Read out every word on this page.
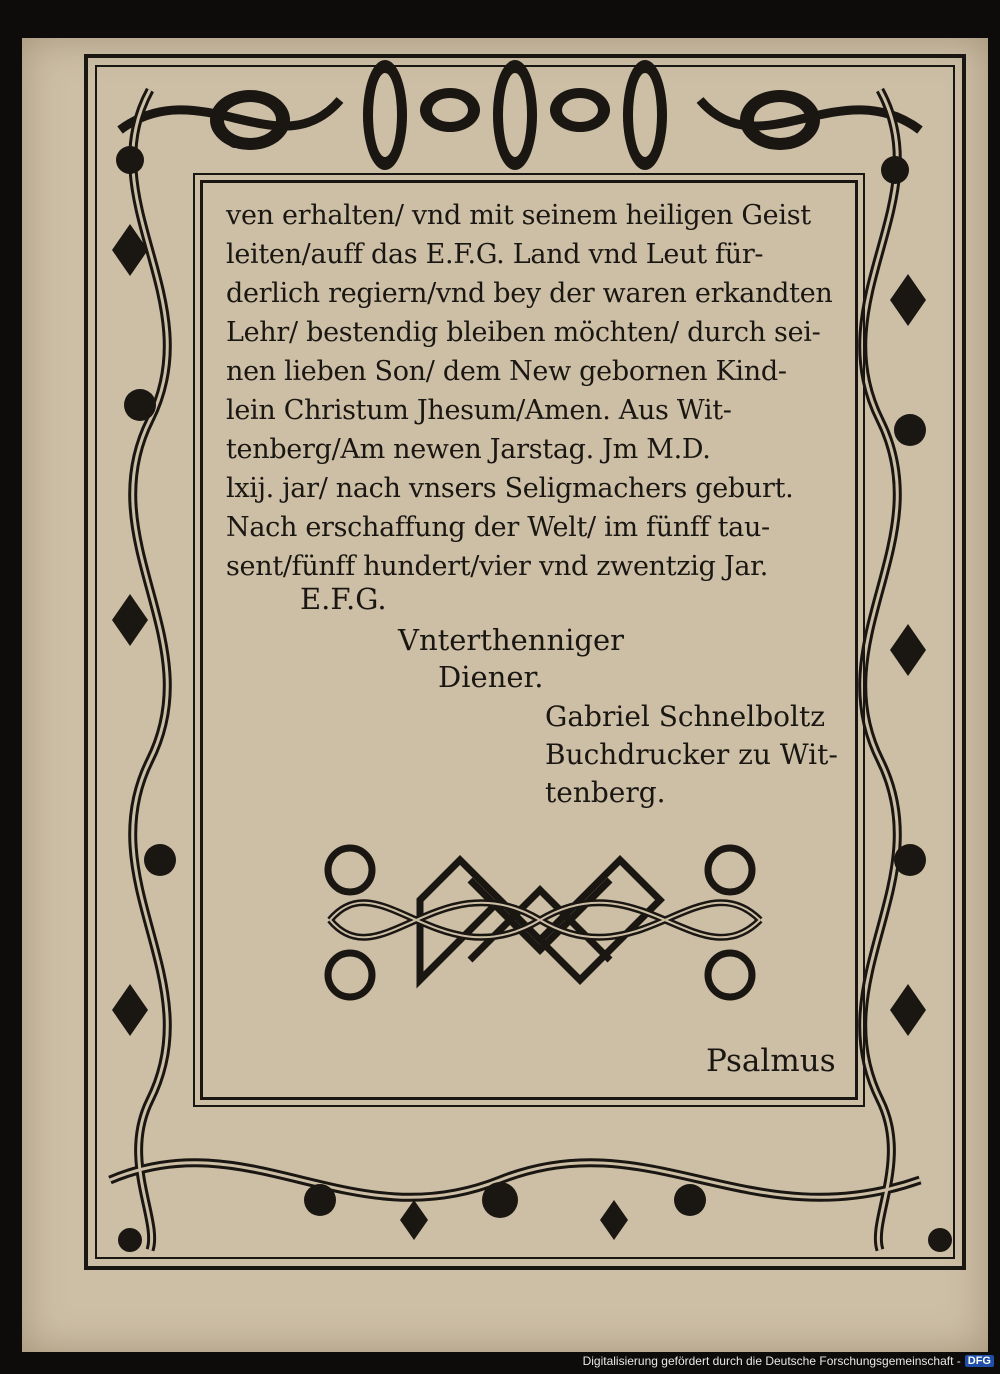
ven erhalten/ vnd mit seinem heiligen Geist
leiten/auff das E.F.G. Land vnd Leut für-
derlich regiern/vnd bey der waren erkandten
Lehr/ bestendig bleiben möchten/ durch sei-
nen lieben Son/ dem New gebornen Kind-
lein Christum Jhesum/Amen. Aus Wit-
tenberg/Am newen Jarstag. Jm M.D.
lxij. jar/ nach vnsers Seligmachers geburt.
Nach erschaffung der Welt/ im fünff tau-
sent/fünff hundert/vier vnd zwentzig Jar.
E.F.G.
Vnterthenniger
Diener.
Gabriel Schnelboltz
Buchdrucker zu Wit-
tenberg.
Psalmus
Digitalisierung gefördert durch die Deutsche Forschungsgemeinschaft - DFG
